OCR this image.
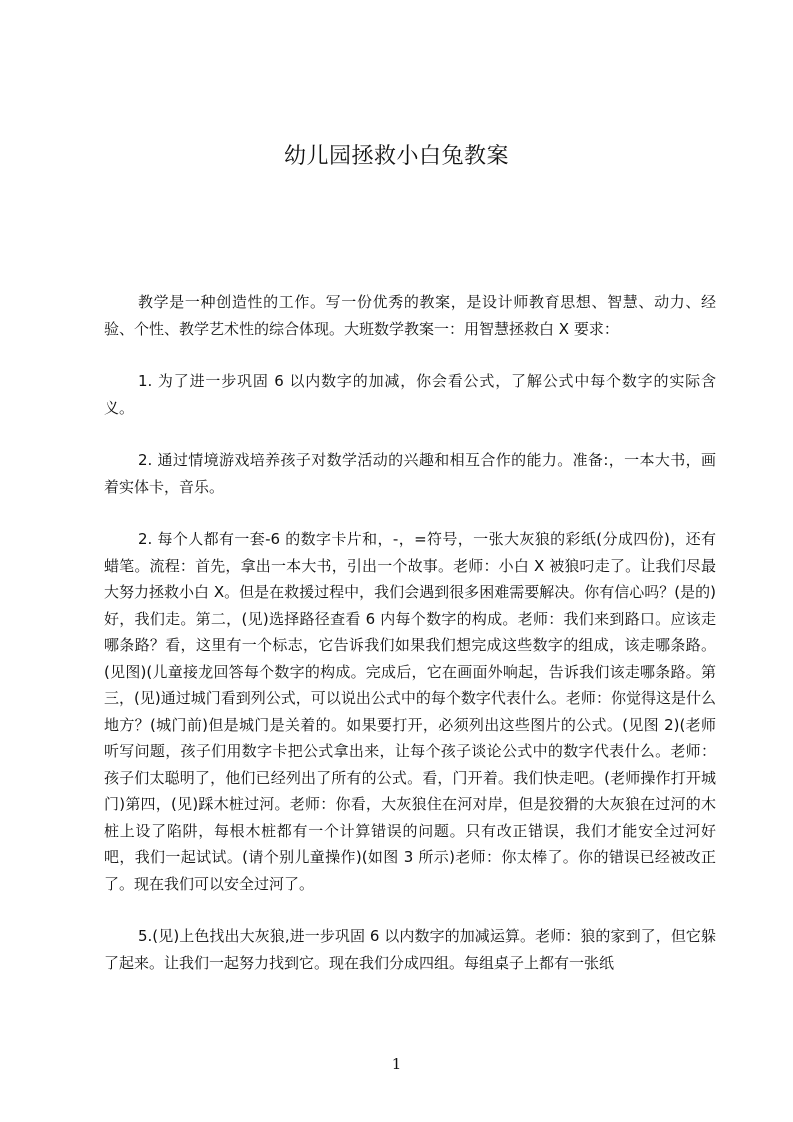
幼儿园拯救小白兔教案

教学是一种创造性的工作。写一份优秀的教案，是设计师教育思想、智慧、动力、经验、个性、教学艺术性的综合体现。大班数学教案一：用智慧拯救白 X 要求：

1. 为了进一步巩固 6 以内数字的加减，你会看公式，了解公式中每个数字的实际含义。

2. 通过情境游戏培养孩子对数学活动的兴趣和相互合作的能力。准备:，一本大书，画着实体卡，音乐。

2. 每个人都有一套-6 的数字卡片和，-，=符号，一张大灰狼的彩纸(分成四份)，还有蜡笔。流程：首先，拿出一本大书，引出一个故事。老师：小白 X 被狼叼走了。让我们尽最大努力拯救小白 X。但是在救援过程中，我们会遇到很多困难需要解决。你有信心吗？(是的)好，我们走。第二，(见)选择路径查看 6 内每个数字的构成。老师：我们来到路口。应该走哪条路？看，这里有一个标志，它告诉我们如果我们想完成这些数字的组成，该走哪条路。(见图)(儿童接龙回答每个数字的构成。完成后，它在画面外响起，告诉我们该走哪条路。第三，(见)通过城门看到列公式，可以说出公式中的每个数字代表什么。老师：你觉得这是什么地方？(城门前)但是城门是关着的。如果要打开，必须列出这些图片的公式。(见图 2)(老师听写问题，孩子们用数字卡把公式拿出来，让每个孩子谈论公式中的数字代表什么。老师：孩子们太聪明了，他们已经列出了所有的公式。看，门开着。我们快走吧。(老师操作打开城门)第四，(见)踩木桩过河。老师：你看，大灰狼住在河对岸，但是狡猾的大灰狼在过河的木桩上设了陷阱，每根木桩都有一个计算错误的问题。只有改正错误，我们才能安全过河好吧，我们一起试试。(请个别儿童操作)(如图 3 所示)老师：你太棒了。你的错误已经被改正了。现在我们可以安全过河了。

5.(见)上色找出大灰狼,进一步巩固 6 以内数字的加减运算。老师：狼的家到了，但它躲了起来。让我们一起努力找到它。现在我们分成四组。每组桌子上都有一张纸

1
